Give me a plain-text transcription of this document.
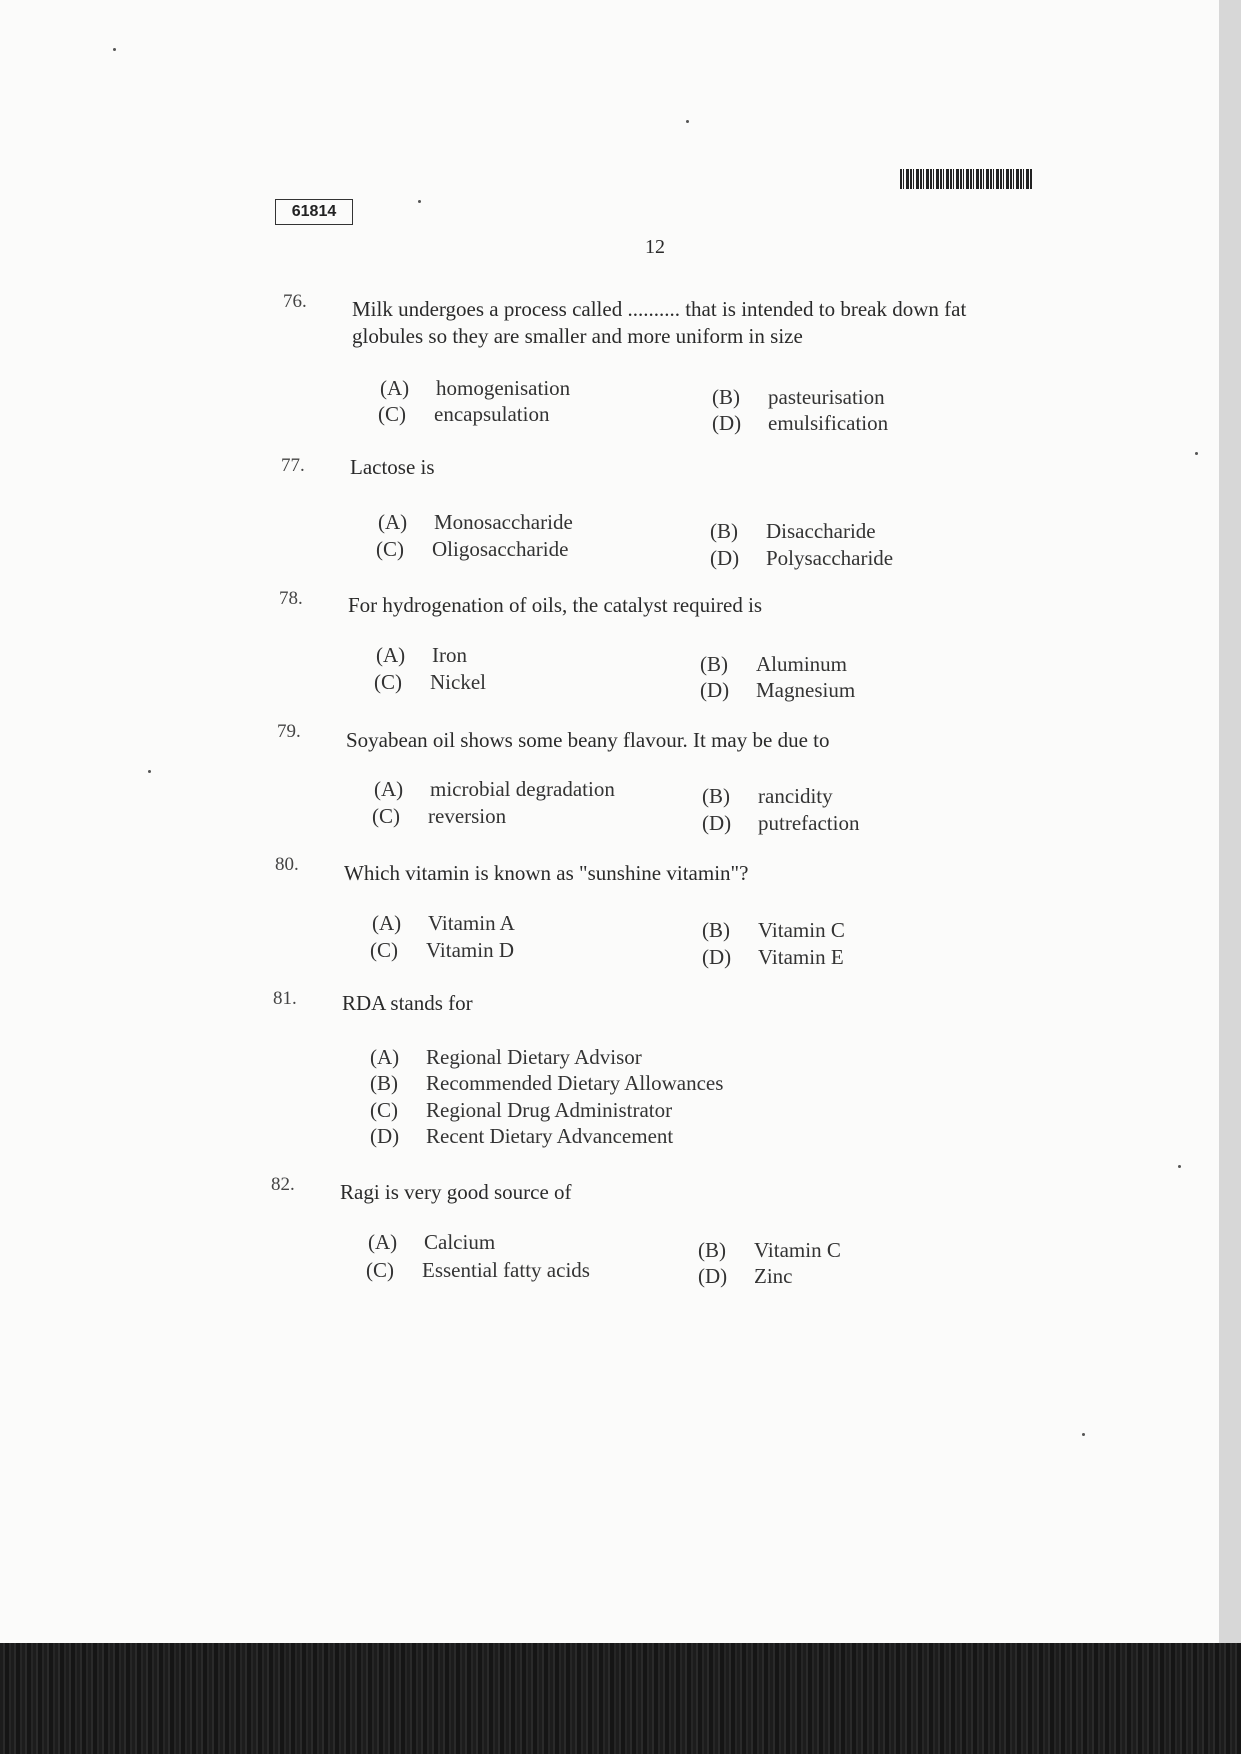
61814
12
76. Milk undergoes a process called .......... that is intended to break down fat globules so they are smaller and more uniform in size
(A) homogenisation	(B) pasteurisation
(C) encapsulation	(D) emulsification
77. Lactose is
(A) Monosaccharide	(B) Disaccharide
(C) Oligosaccharide	(D) Polysaccharide
78. For hydrogenation of oils, the catalyst required is
(A) Iron	(B) Aluminum
(C) Nickel	(D) Magnesium
79. Soyabean oil shows some beany flavour. It may be due to
(A) microbial degradation	(B) rancidity
(C) reversion	(D) putrefaction
80. Which vitamin is known as "sunshine vitamin"?
(A) Vitamin A	(B) Vitamin C
(C) Vitamin D	(D) Vitamin E
81. RDA stands for
(A) Regional Dietary Advisor
(B) Recommended Dietary Allowances
(C) Regional Drug Administrator
(D) Recent Dietary Advancement
82. Ragi is very good source of
(A) Calcium	(B) Vitamin C
(C) Essential fatty acids	(D) Zinc
